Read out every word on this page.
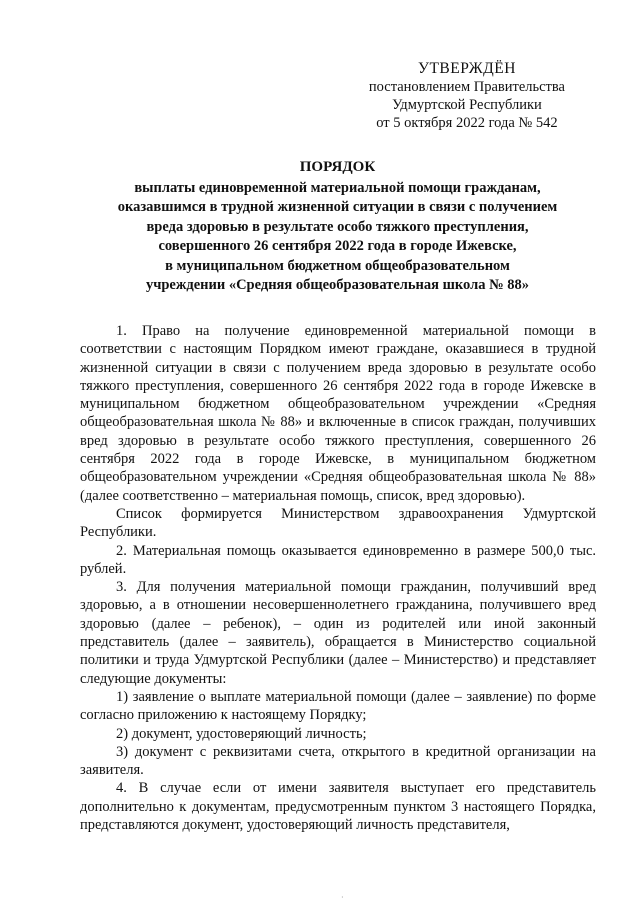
УТВЕРЖДЁН
постановлением Правительства
Удмуртской Республики
от 5 октября 2022 года № 542
ПОРЯДОК
выплаты единовременной материальной помощи гражданам,
оказавшимся в трудной жизненной ситуации в связи с получением
вреда здоровью в результате особо тяжкого преступления,
совершенного 26 сентября 2022 года в городе Ижевске,
в муниципальном бюджетном общеобразовательном
учреждении «Средняя общеобразовательная школа № 88»

1. Право на получение единовременной материальной помощи в соответствии с настоящим Порядком имеют граждане, оказавшиеся в трудной жизненной ситуации в связи с получением вреда здоровью в результате особо тяжкого преступления, совершенного 26 сентября 2022 года в городе Ижевске в муниципальном бюджетном общеобразовательном учреждении «Средняя общеобразовательная школа № 88» и включенные в список граждан, получивших вред здоровью в результате особо тяжкого преступления, совершенного 26 сентября 2022 года в городе Ижевске, в муниципальном бюджетном общеобразовательном учреждении «Средняя общеобразовательная школа № 88» (далее соответственно – материальная помощь, список, вред здоровью).

Список формируется Министерством здравоохранения Удмуртской Республики.

2. Материальная помощь оказывается единовременно в размере 500,0 тыс. рублей.

3. Для получения материальной помощи гражданин, получивший вред здоровью, а в отношении несовершеннолетнего гражданина, получившего вред здоровью (далее – ребенок), – один из родителей или иной законный представитель (далее – заявитель), обращается в Министерство социальной политики и труда Удмуртской Республики (далее – Министерство) и представляет следующие документы:

1) заявление о выплате материальной помощи (далее – заявление) по форме согласно приложению к настоящему Порядку;

2) документ, удостоверяющий личность;

3) документ с реквизитами счета, открытого в кредитной организации на заявителя.

4. В случае если от имени заявителя выступает его представитель дополнительно к документам, предусмотренным пунктом 3 настоящего Порядка, представляются документ, удостоверяющий личность представителя,

·
